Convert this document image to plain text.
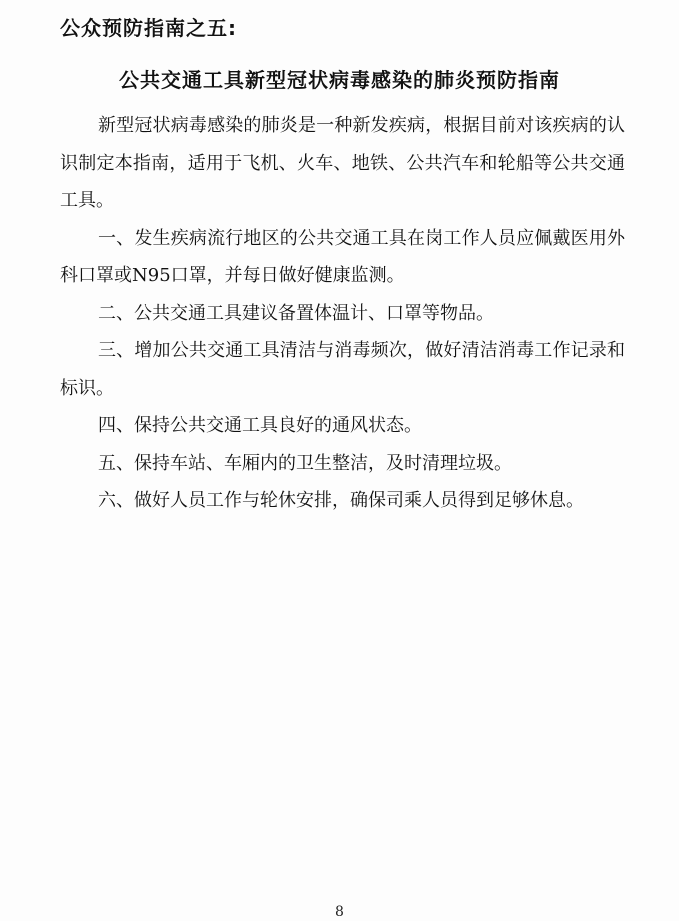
公众预防指南之五:
公共交通工具新型冠状病毒感染的肺炎预防指南

新型冠状病毒感染的肺炎是一种新发疾病，根据目前对该疾病的认识制定本指南，适用于飞机、火车、地铁、公共汽车和轮船等公共交通工具。

一、发生疾病流行地区的公共交通工具在岗工作人员应佩戴医用外科口罩或N95口罩，并每日做好健康监测。

二、公共交通工具建议备置体温计、口罩等物品。

三、增加公共交通工具清洁与消毒频次，做好清洁消毒工作记录和标识。

四、保持公共交通工具良好的通风状态。

五、保持车站、车厢内的卫生整洁，及时清理垃圾。

六、做好人员工作与轮休安排，确保司乘人员得到足够休息。

8
